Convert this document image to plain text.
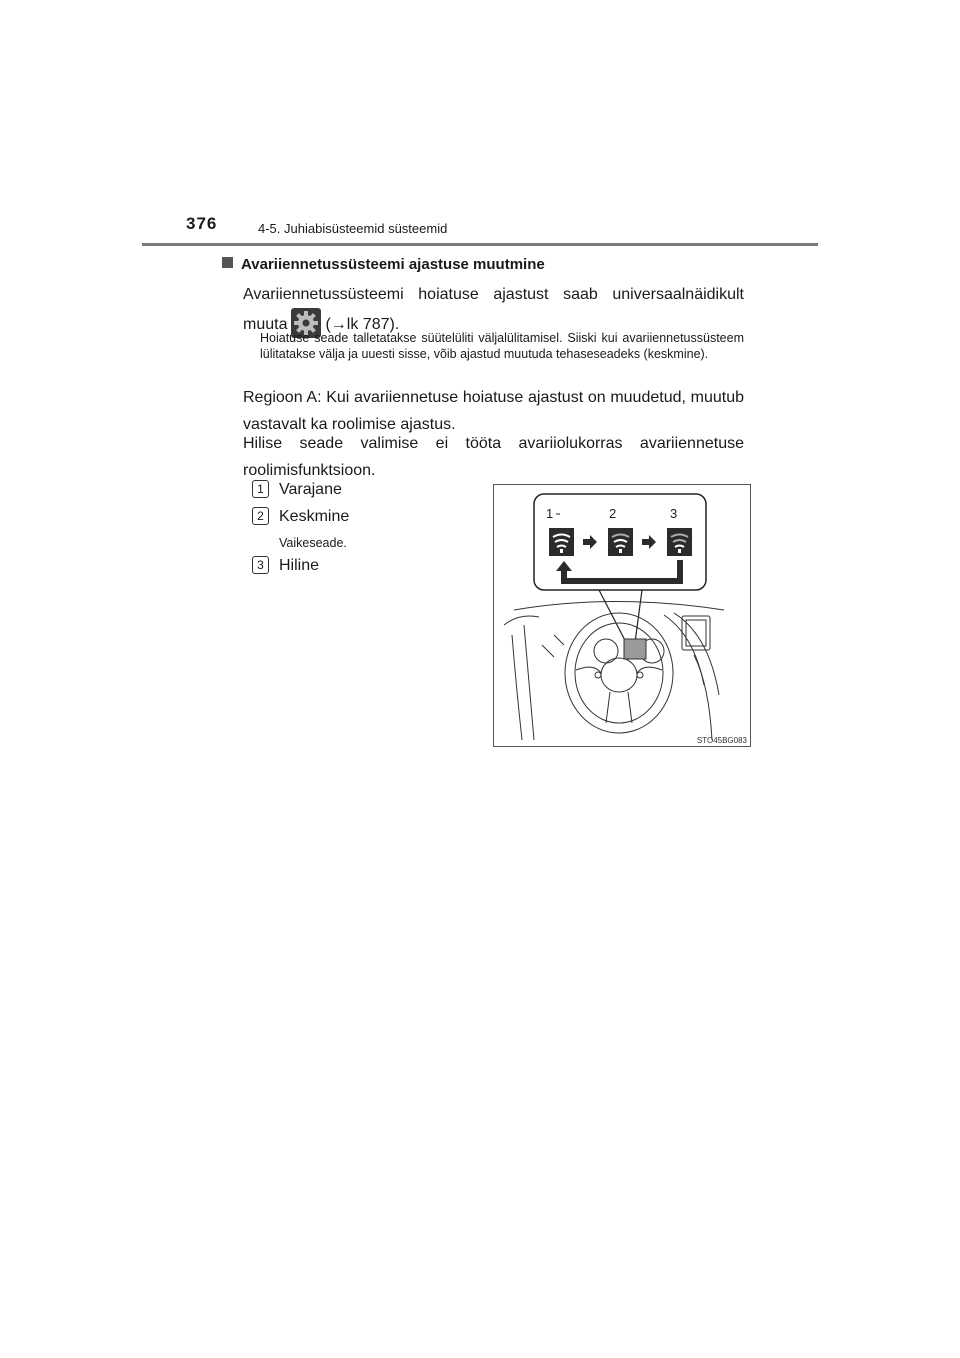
376	4-5. Juhiabisüsteemid süsteemid
Avariiennetussüsteemi ajastuse muutmine
Avariiennetussüsteemi hoiatuse ajastust saab universaalnäidikult
muuta (→lk 787).
Hoiatuse seade talletatakse süütelüliti väljalülitamisel. Siiski kui avariiennetussüsteem lülitatakse välja ja uuesti sisse, võib ajastud muutuda tehaseseadeks (keskmine).
Regioon A: Kui avariiennetuse hoiatuse ajastust on muudetud, muutub vastavalt ka roolimise ajastus.
Hilise seade valimise ei tööta avariiolukorras avariiennetuse roolimisfunktsioon.
1 Varajane
2 Keskmine
Vaikeseade.
3 Hiline
1	2	3
STO45BG083
